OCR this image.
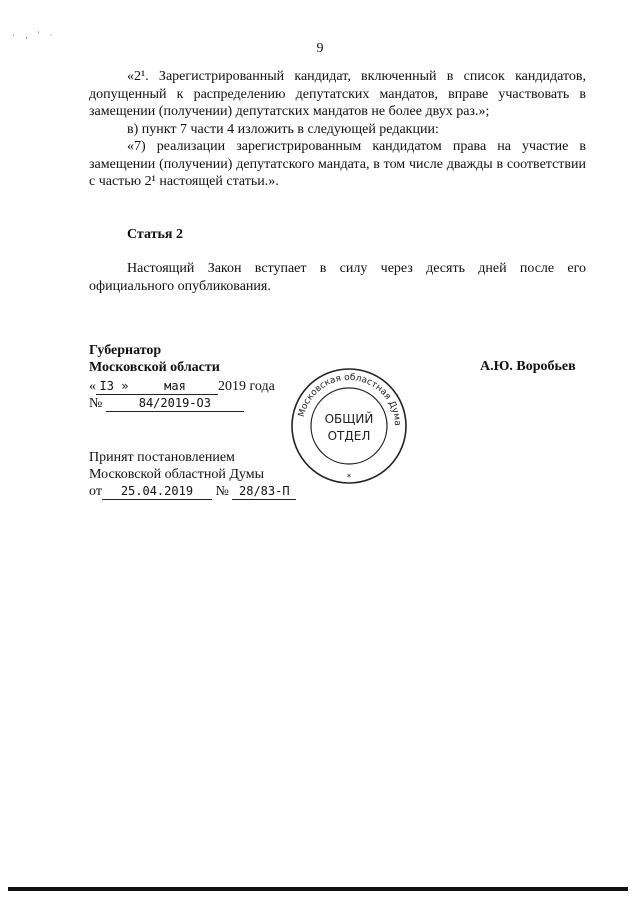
· , ' ·
9

«2¹. Зарегистрированный кандидат, включенный в список кандидатов, допущенный к распределению депутатских мандатов, вправе участвовать в замещении (получении) депутатских мандатов не более двух раз.»;

в) пункт 7 части 4 изложить в следующей редакции:

«7) реализации зарегистрированным кандидатом права на участие в замещении (получении) депутатского мандата, в том числе дважды в соответствии с частью 2¹ настоящей статьи.».

Статья 2

Настоящий Закон вступает в силу через десять дней после его официального опубликования.

Губернатор
Московской области	А.Ю. Воробьев
« I3 »	мая 2019 года
№	84/2019-ОЗ
Принят постановлением
Московской областной Думы
от 25.04.2019 № 28/83-П
Московская областная Дума
ОБЩИЙ
ОТДЕЛ
*
